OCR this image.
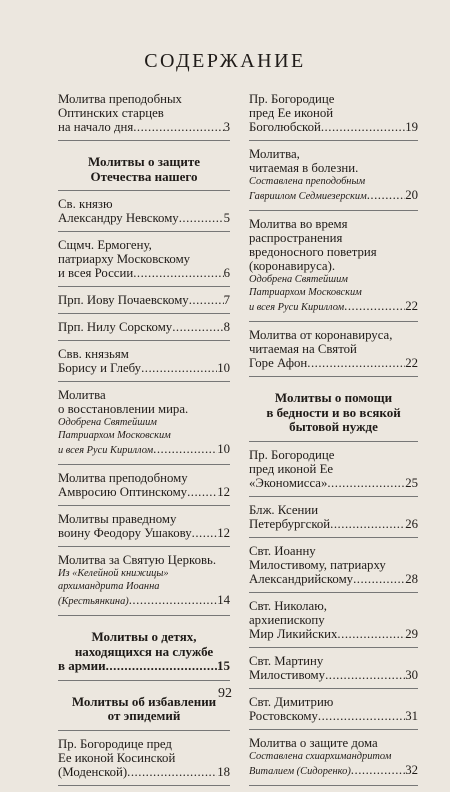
СОДЕРЖАНИЕ
Молитва преподобных
Оптинских старцев
на начало дня .....	3
Молитвы о защите
Отечества нашего
Св. князю
Александру Невскому .....	5
Сщмч. Ермогену,
патриарху Московскому
и всея России .....	6
Прп. Иову Почаевскому .....	7
Прп. Нилу Сорскому .....	8
Свв. князьям
Борису и Глебу .....	10
Молитва
о восстановлении мира.
Одобрена Святейшим
Патриархом Московским
и всея Руси Кириллом .....	10
Молитва преподобному
Амвросию Оптинскому ..... 12
Молитвы праведному
воину Феодору Ушакову ..... 12
Молитва за Святую Церковь.
Из «Келейной книжицы»
архимандрита Иоанна
(Крестьянкина) .....	14
Молитвы о детях,
находящихся на службе
в армии .....	15
Молитвы об избавлении
от эпидемий
Пр. Богородице пред
Ее иконой Косинской
(Моденской) .....	18
Пр. Богородице
пред Ее иконой
Боголюбской .....	19
Молитва,
читаемая в болезни.
Составлена преподобным
Гавриилом Седмиезерским .....	20
Молитва во время
распространения
вредоносного поветрия
(коронавируса).
Одобрена Святейшим
Патриархом Московским
и всея Руси Кириллом .....	22
Молитва от коронавируса,
читаемая на Святой
Горе Афон .....	22
Молитвы о помощи
в бедности и во всякой
бытовой нужде
Пр. Богородице
пред иконой Ее
«Экономисса» .....	25
Блж. Ксении
Петербургской .....	26
Свт. Иоанну
Милостивому, патриарху
Александрийскому .....	28
Свт. Николаю,
архиепископу
Мир Ликийских .....	29
Свт. Мартину
Милостивому .....	30
Свт. Димитрию
Ростовскому .....	31
Молитва о защите дома
Составлена схиархимандритом
Виталием (Сидоренко) .....	32
92
